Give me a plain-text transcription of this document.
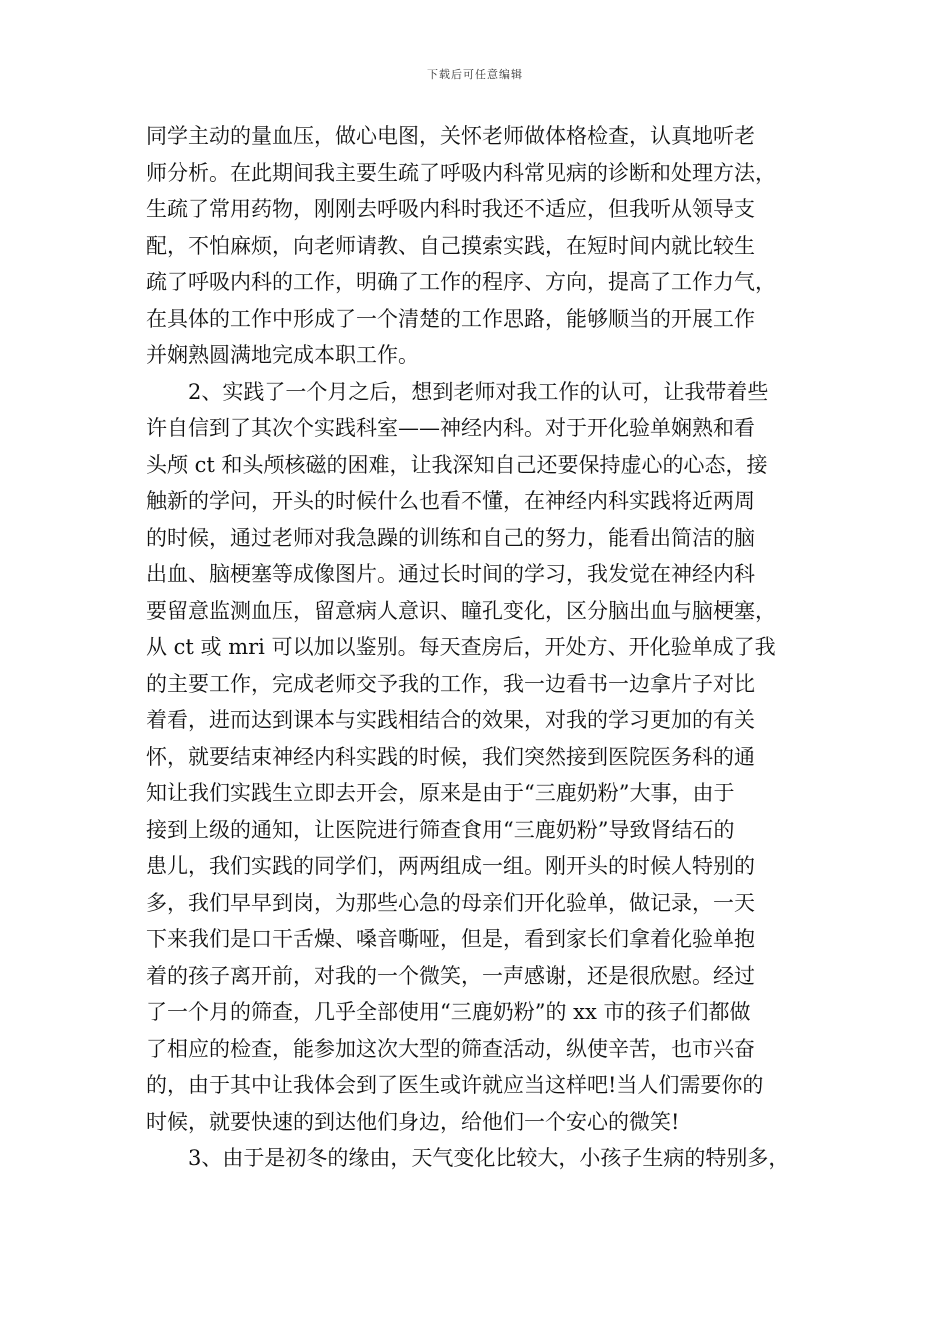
下载后可任意编辑
同学主动的量血压，做心电图，关怀老师做体格检查，认真地听老
师分析。在此期间我主要生疏了呼吸内科常见病的诊断和处理方法，
生疏了常用药物，刚刚去呼吸内科时我还不适应，但我听从领导支
配，不怕麻烦，向老师请教、自己摸索实践，在短时间内就比较生
疏了呼吸内科的工作，明确了工作的程序、方向，提高了工作力气，
在具体的工作中形成了一个清楚的工作思路，能够顺当的开展工作
并娴熟圆满地完成本职工作。
2、实践了一个月之后，想到老师对我工作的认可，让我带着些
许自信到了其次个实践科室——神经内科。对于开化验单娴熟和看
头颅 ct 和头颅核磁的困难，让我深知自己还要保持虚心的心态，接
触新的学问，开头的时候什么也看不懂，在神经内科实践将近两周
的时候，通过老师对我急躁的训练和自己的努力，能看出简洁的脑
出血、脑梗塞等成像图片。通过长时间的学习，我发觉在神经内科
要留意监测血压，留意病人意识、瞳孔变化，区分脑出血与脑梗塞，
从 ct 或 mri 可以加以鉴别。每天查房后，开处方、开化验单成了我
的主要工作，完成老师交予我的工作，我一边看书一边拿片子对比
着看，进而达到课本与实践相结合的效果，对我的学习更加的有关
怀，就要结束神经内科实践的时候，我们突然接到医院医务科的通
知让我们实践生立即去开会，原来是由于“三鹿奶粉”大事，由于
接到上级的通知，让医院进行筛查食用“三鹿奶粉”导致肾结石的
患儿，我们实践的同学们，两两组成一组。刚开头的时候人特别的
多，我们早早到岗，为那些心急的母亲们开化验单，做记录，一天
下来我们是口干舌燥、嗓音嘶哑，但是，看到家长们拿着化验单抱
着的孩子离开前，对我的一个微笑，一声感谢，还是很欣慰。经过
了一个月的筛查，几乎全部使用“三鹿奶粉”的 xx 市的孩子们都做
了相应的检查，能参加这次大型的筛查活动，纵使辛苦，也市兴奋
的，由于其中让我体会到了医生或许就应当这样吧!当人们需要你的
时候，就要快速的到达他们身边，给他们一个安心的微笑!
3、由于是初冬的缘由，天气变化比较大，小孩子生病的特别多，
